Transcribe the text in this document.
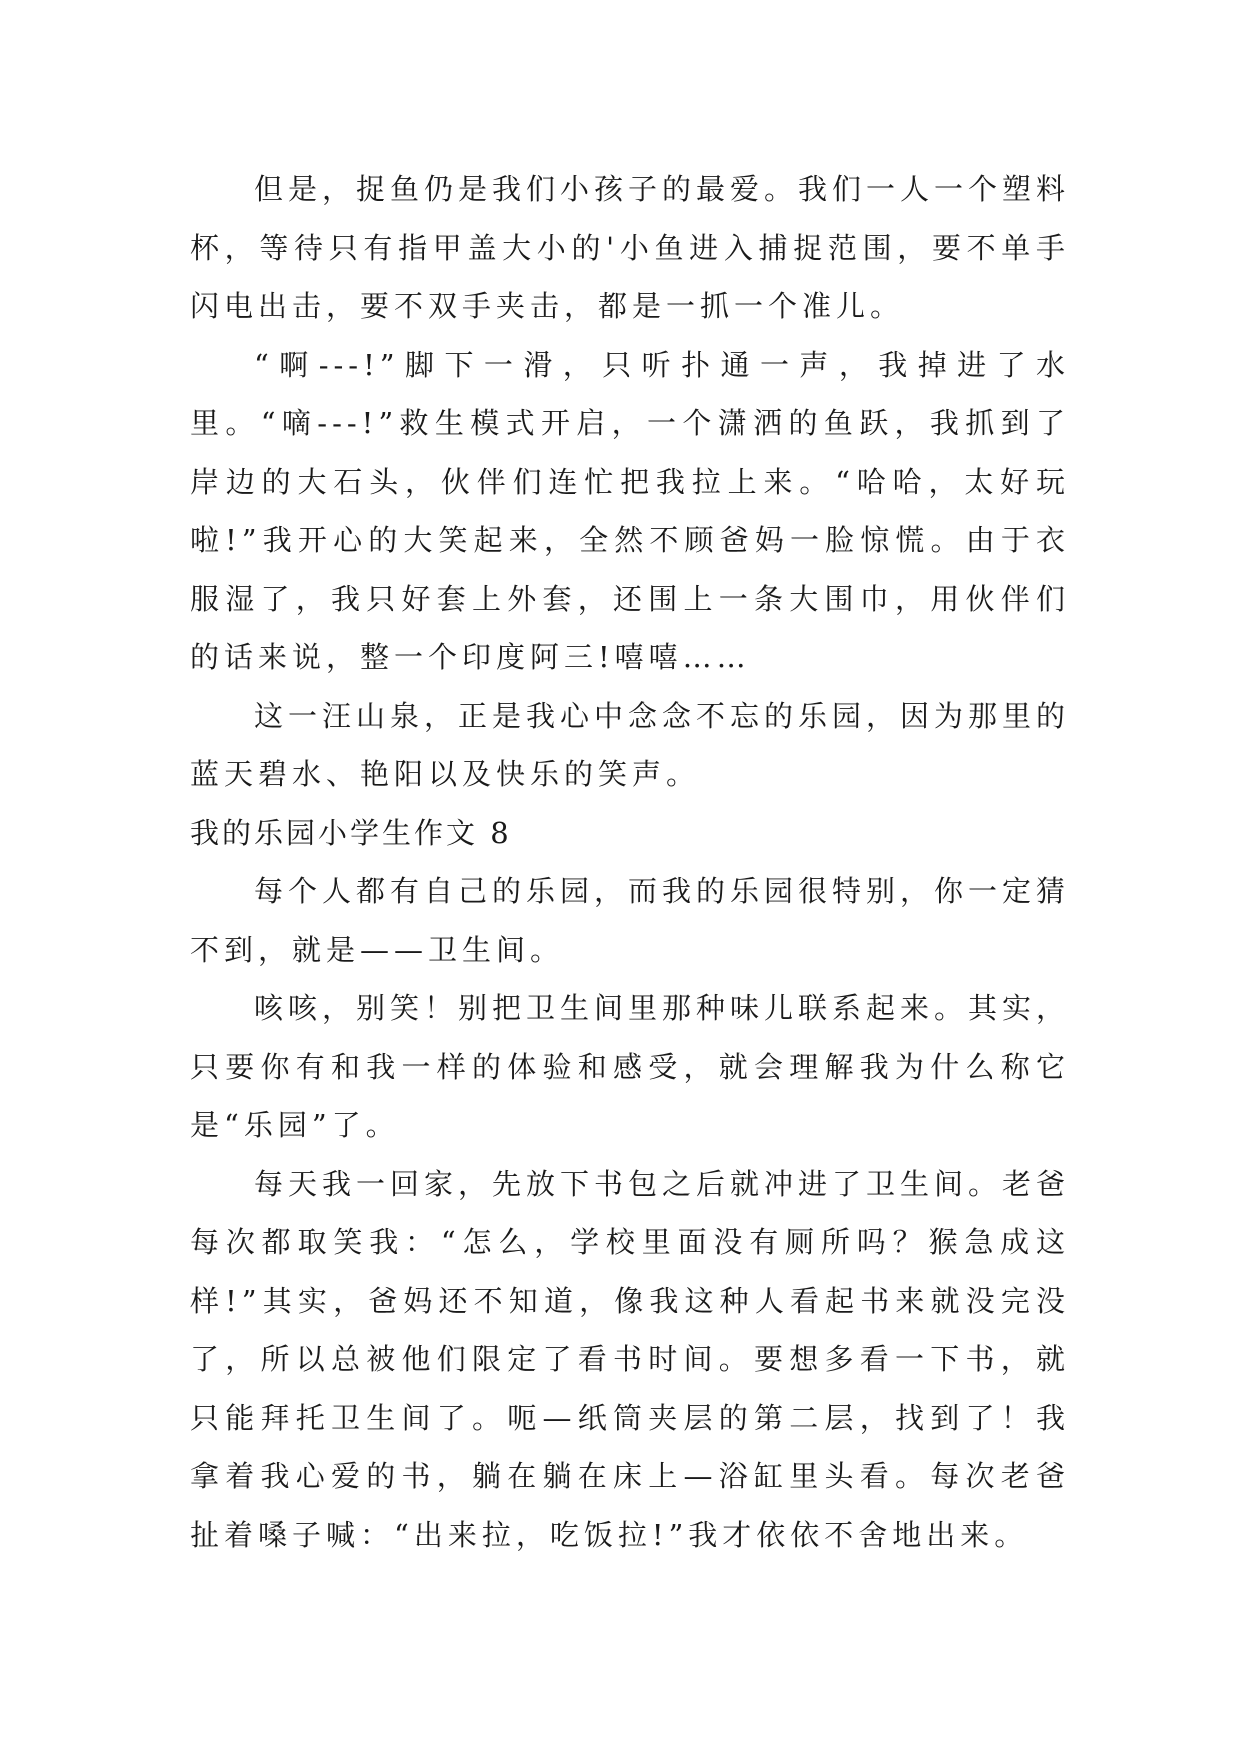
但是，捉鱼仍是我们小孩子的最爱。我们一人一个塑料杯，等待只有指甲盖大小的'小鱼进入捕捉范围，要不单手闪电出击，要不双手夹击，都是一抓一个准儿。

“啊---!”脚下一滑，只听扑通一声，我掉进了水里。“嘀---!”救生模式开启，一个潇洒的鱼跃，我抓到了岸边的大石头，伙伴们连忙把我拉上来。“哈哈，太好玩啦!”我开心的大笑起来，全然不顾爸妈一脸惊慌。由于衣服湿了，我只好套上外套，还围上一条大围巾，用伙伴们的话来说，整一个印度阿三!嘻嘻……

这一汪山泉，正是我心中念念不忘的乐园，因为那里的蓝天碧水、艳阳以及快乐的笑声。

我的乐园小学生作文 8

每个人都有自己的乐园，而我的乐园很特别，你一定猜不到，就是——卫生间。

咳咳，别笑！别把卫生间里那种味儿联系起来。其实，只要你有和我一样的体验和感受，就会理解我为什么称它是“乐园”了。

每天我一回家，先放下书包之后就冲进了卫生间。老爸每次都取笑我：“怎么，学校里面没有厕所吗？猴急成这样!”其实，爸妈还不知道，像我这种人看起书来就没完没了，所以总被他们限定了看书时间。要想多看一下书，就只能拜托卫生间了。呃—纸筒夹层的第二层，找到了！我拿着我心爱的书，躺在躺在床上—浴缸里头看。每次老爸扯着嗓子喊：“出来拉，吃饭拉!”我才依依不舍地出来。
